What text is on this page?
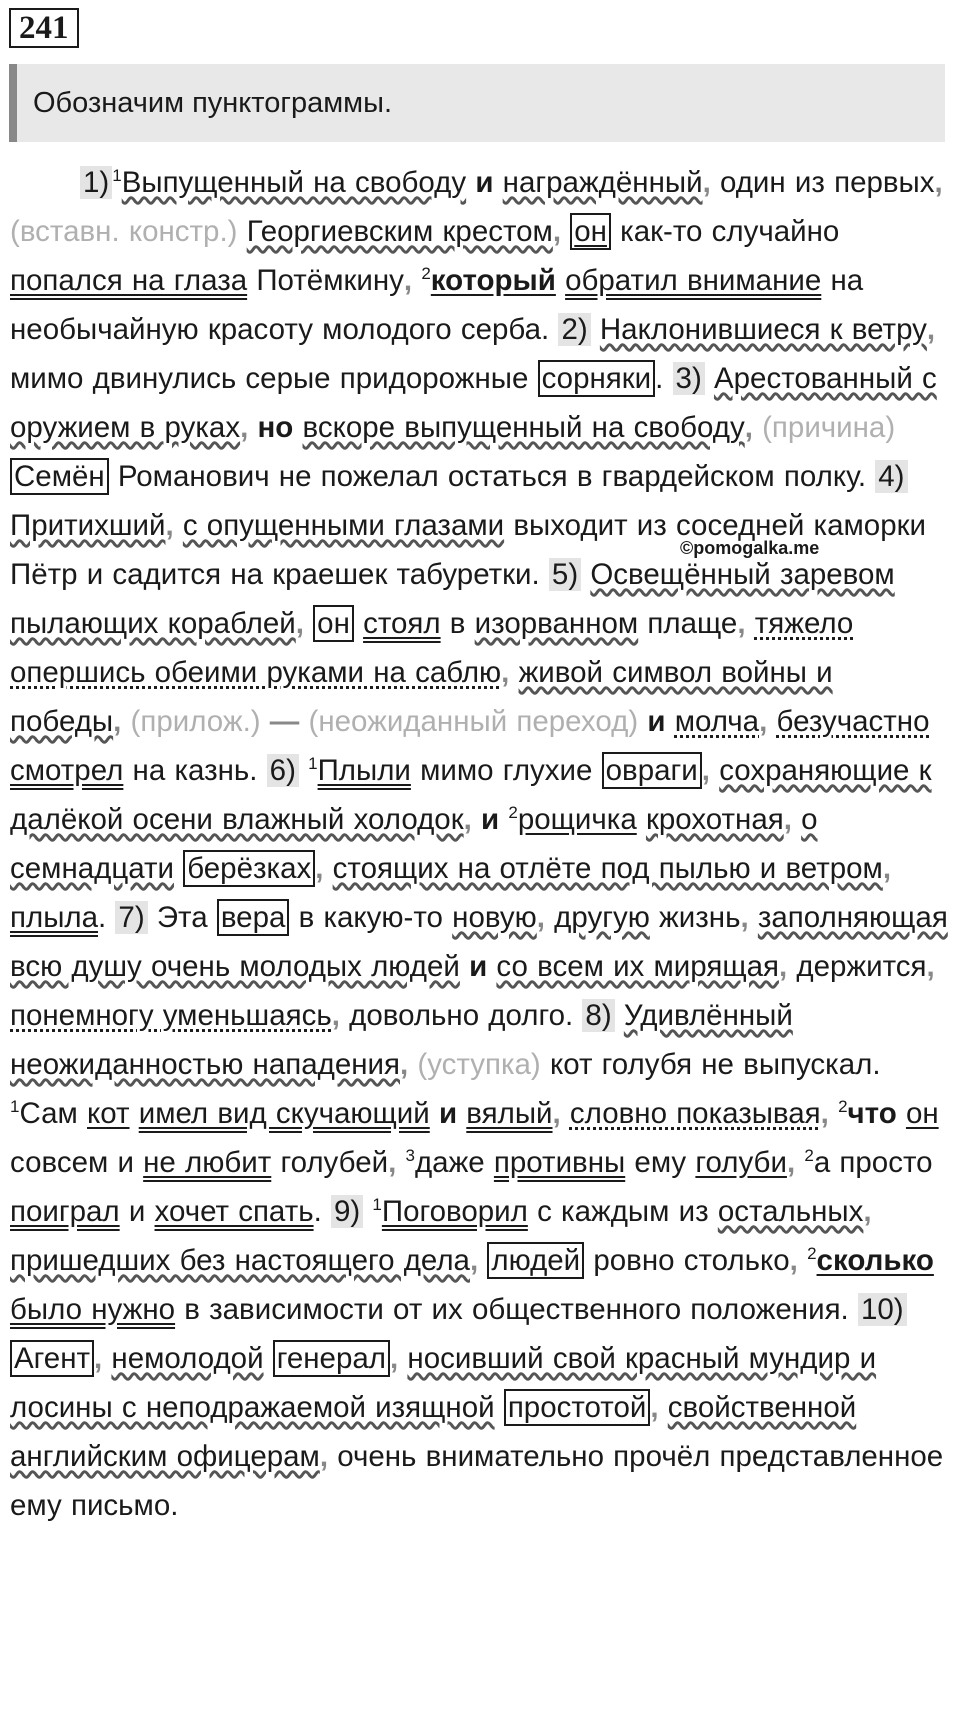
241
Обозначим пунктограммы.
1) $^1$Выпущенный на свободу и награждённый, один из первых, (вставн. констр.) Георгиевским крестом, он как-то случайно попался на глаза Потёмкину, $^2$который обратил внимание на необычайную красоту молодого серба. 2) Наклонившиеся к ветру, мимо двинулись серые придорожные сорняки . 3) Арестованный с оружием в руках, но вскоре выпущенный на свободу, (причина) Семён Романович не пожелал остаться в гвардейском полку. 4) Притихший, с опущенными глазами выходит из соседней каморки Пётр и садится на краешек табуретки. 5) Освещённый заревом пылающих кораблей, он стоял в изорванном плаще, тяжело опершись обеими руками на саблю, живой символ войны и победы, (прилож.) — (неожиданный переход) и молча, безучастно смотрел на казнь. 6) $^1$Плыли мимо глухие овраги , сохраняющие к далёкой осени влажный холодок, и $^2$рощичка крохотная, о семнадцати берёзках , стоящих на отлёте под пылью и ветром, плыла. 7) Эта вера в какую-то новую, другую жизнь, заполняющая всю душу очень молодых людей и со всем их мирящая, держится, понемногу уменьшаясь, довольно долго. 8) Удивлённый неожиданностью нападения, (уступка) кот голубя не выпускал. $^1$Сам кот имел вид скучающий и вялый, словно показывая, $^2$что он совсем и не любит голубей, $^3$даже противны ему голуби, $^2$а просто поиграл и хочет спать. 9) $^1$Поговорил с каждым из остальных, пришедших без настоящего дела, людей ровно столько, $^2$сколько было нужно в зависимости от их общественного положения. 10) Агент , немолодой генерал , носивший свой красный мундир и лосины с неподражаемой изящной простотой , свойственной английским офицерам, очень внимательно прочёл представленное ему письмо.
©pomogalka.me
